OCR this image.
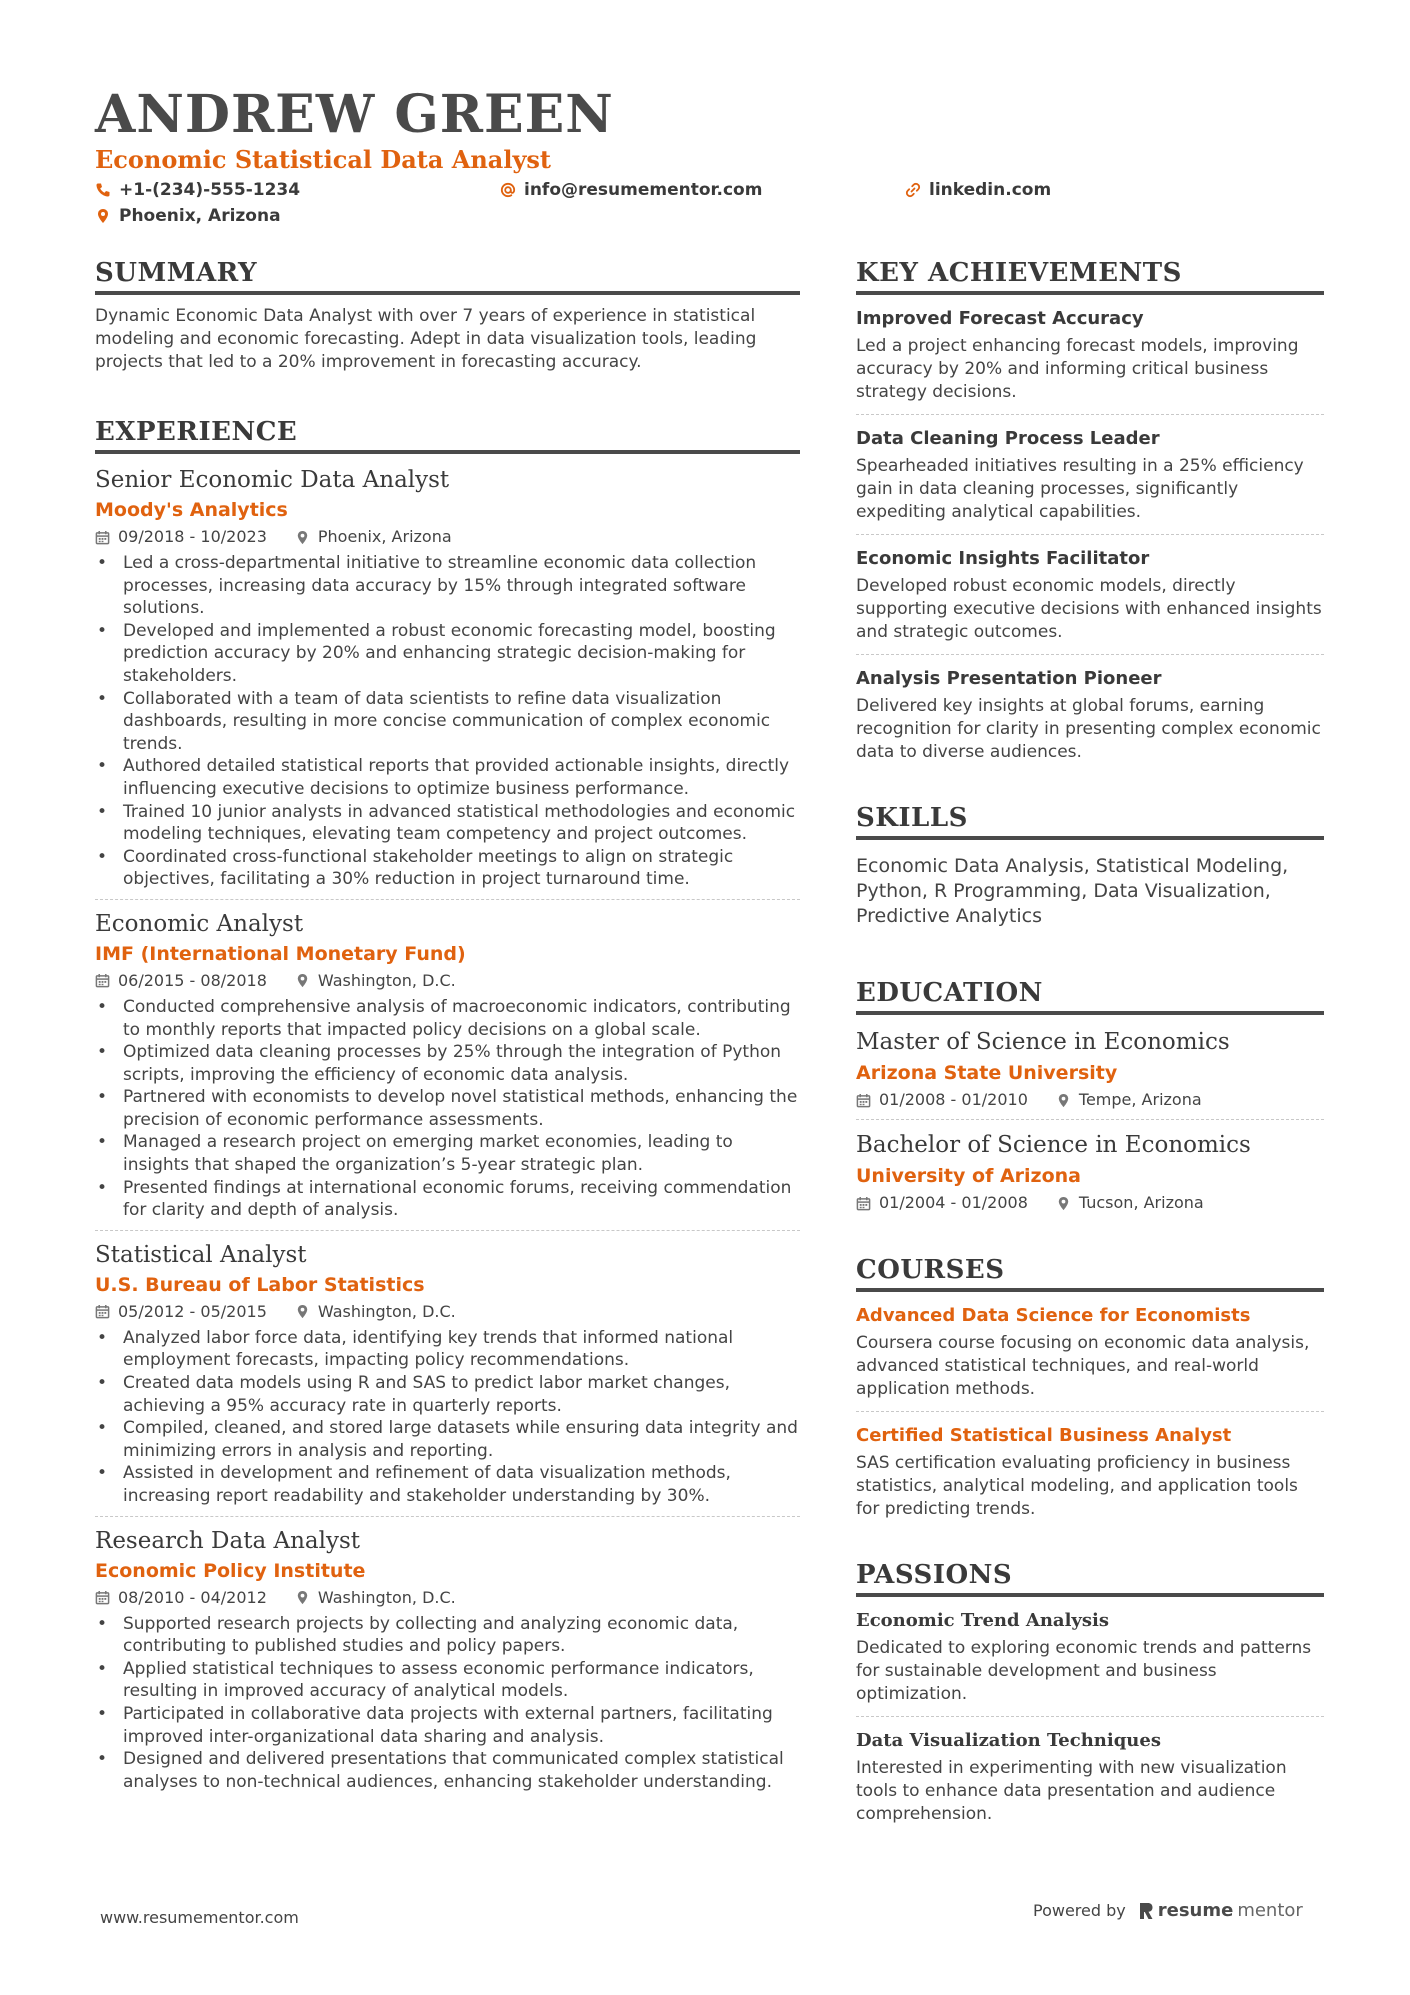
ANDREW GREEN
Economic Statistical Data Analyst
+1-(234)-555-1234	info@resumementor.com	linkedin.com
Phoenix, Arizona
SUMMARY
Dynamic Economic Data Analyst with over 7 years of experience in statistical modeling and economic forecasting. Adept in data visualization tools, leading projects that led to a 20% improvement in forecasting accuracy.
EXPERIENCE
Senior Economic Data Analyst
Moody's Analytics
09/2018 - 10/2023	Phoenix, Arizona
• Led a cross-departmental initiative to streamline economic data collection processes, increasing data accuracy by 15% through integrated software solutions.
• Developed and implemented a robust economic forecasting model, boosting prediction accuracy by 20% and enhancing strategic decision-making for stakeholders.
• Collaborated with a team of data scientists to refine data visualization dashboards, resulting in more concise communication of complex economic trends.
• Authored detailed statistical reports that provided actionable insights, directly influencing executive decisions to optimize business performance.
• Trained 10 junior analysts in advanced statistical methodologies and economic modeling techniques, elevating team competency and project outcomes.
• Coordinated cross-functional stakeholder meetings to align on strategic objectives, facilitating a 30% reduction in project turnaround time.
Economic Analyst
IMF (International Monetary Fund)
06/2015 - 08/2018	Washington, D.C.
• Conducted comprehensive analysis of macroeconomic indicators, contributing to monthly reports that impacted policy decisions on a global scale.
• Optimized data cleaning processes by 25% through the integration of Python scripts, improving the efficiency of economic data analysis.
• Partnered with economists to develop novel statistical methods, enhancing the precision of economic performance assessments.
• Managed a research project on emerging market economies, leading to insights that shaped the organization’s 5-year strategic plan.
• Presented findings at international economic forums, receiving commendation for clarity and depth of analysis.
Statistical Analyst
U.S. Bureau of Labor Statistics
05/2012 - 05/2015	Washington, D.C.
• Analyzed labor force data, identifying key trends that informed national employment forecasts, impacting policy recommendations.
• Created data models using R and SAS to predict labor market changes, achieving a 95% accuracy rate in quarterly reports.
• Compiled, cleaned, and stored large datasets while ensuring data integrity and minimizing errors in analysis and reporting.
• Assisted in development and refinement of data visualization methods, increasing report readability and stakeholder understanding by 30%.
Research Data Analyst
Economic Policy Institute
08/2010 - 04/2012	Washington, D.C.
• Supported research projects by collecting and analyzing economic data, contributing to published studies and policy papers.
• Applied statistical techniques to assess economic performance indicators, resulting in improved accuracy of analytical models.
• Participated in collaborative data projects with external partners, facilitating improved inter-organizational data sharing and analysis.
• Designed and delivered presentations that communicated complex statistical analyses to non-technical audiences, enhancing stakeholder understanding.
KEY ACHIEVEMENTS
Improved Forecast Accuracy
Led a project enhancing forecast models, improving accuracy by 20% and informing critical business strategy decisions.
Data Cleaning Process Leader
Spearheaded initiatives resulting in a 25% efficiency gain in data cleaning processes, significantly expediting analytical capabilities.
Economic Insights Facilitator
Developed robust economic models, directly supporting executive decisions with enhanced insights and strategic outcomes.
Analysis Presentation Pioneer
Delivered key insights at global forums, earning recognition for clarity in presenting complex economic data to diverse audiences.
SKILLS
Economic Data Analysis, Statistical Modeling, Python, R Programming, Data Visualization, Predictive Analytics
EDUCATION
Master of Science in Economics
Arizona State University
01/2008 - 01/2010	Tempe, Arizona
Bachelor of Science in Economics
University of Arizona
01/2004 - 01/2008	Tucson, Arizona
COURSES
Advanced Data Science for Economists
Coursera course focusing on economic data analysis, advanced statistical techniques, and real-world application methods.
Certified Statistical Business Analyst
SAS certification evaluating proficiency in business statistics, analytical modeling, and application tools for predicting trends.
PASSIONS
Economic Trend Analysis
Dedicated to exploring economic trends and patterns for sustainable development and business optimization.
Data Visualization Techniques
Interested in experimenting with new visualization tools to enhance data presentation and audience comprehension.
www.resumementor.com	Powered by resume mentor
